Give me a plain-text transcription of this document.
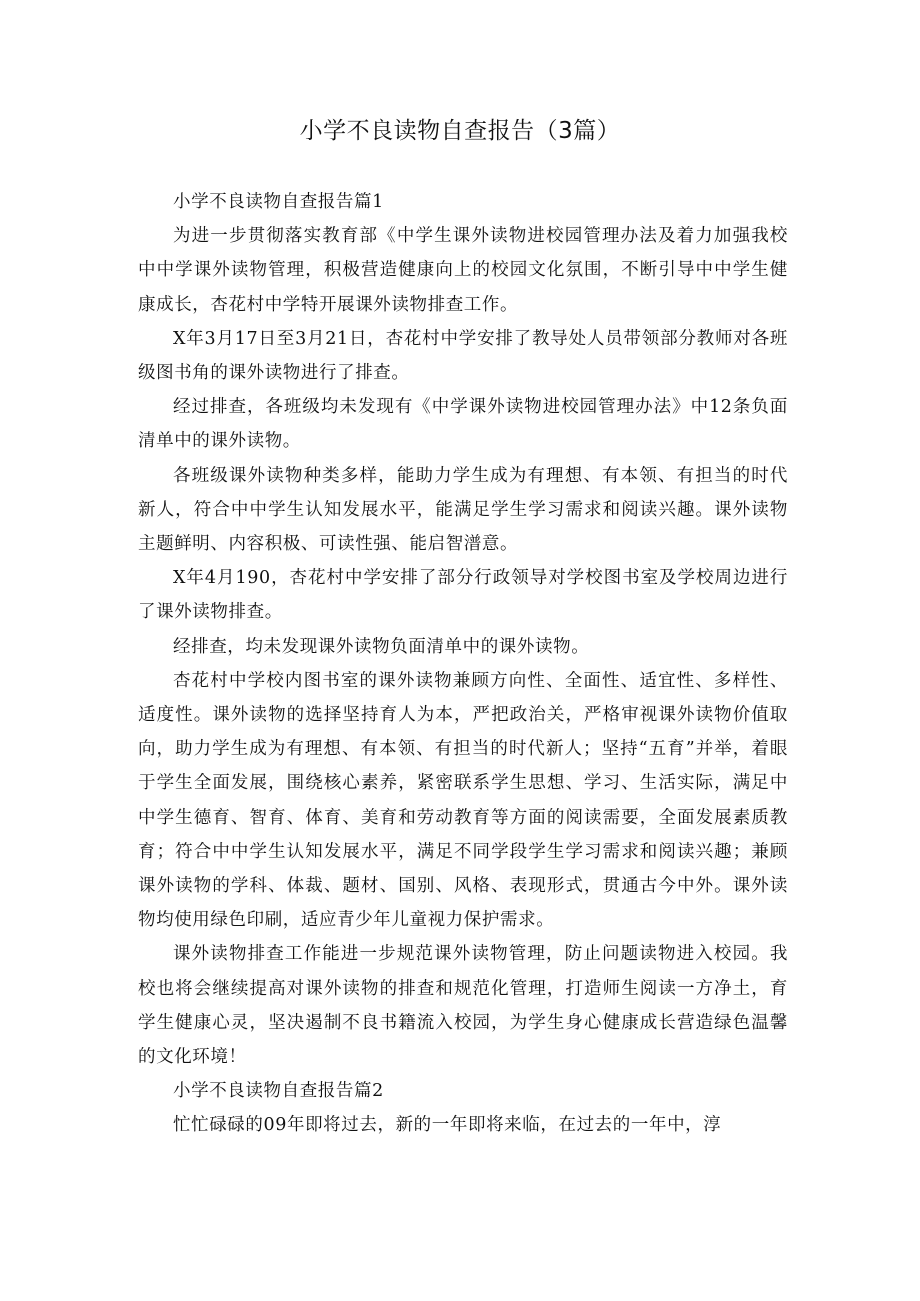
小学不良读物自查报告（3篇）

小学不良读物自查报告篇1

为进一步贯彻落实教育部《中学生课外读物进校园管理办法及着力加强我校中中学课外读物管理，积极营造健康向上的校园文化氛围，不断引导中中学生健康成长，杏花村中学特开展课外读物排查工作。

X年3月17日至3月21日，杏花村中学安排了教导处人员带领部分教师对各班级图书角的课外读物进行了排查。

经过排查，各班级均未发现有《中学课外读物进校园管理办法》中12条负面清单中的课外读物。

各班级课外读物种类多样，能助力学生成为有理想、有本领、有担当的时代新人，符合中中学生认知发展水平，能满足学生学习需求和阅读兴趣。课外读物主题鲜明、内容积极、可读性强、能启智潽意。

X年4月190，杏花村中学安排了部分行政领导对学校图书室及学校周边进行了课外读物排查。

经排查，均未发现课外读物负面清单中的课外读物。

杏花村中学校内图书室的课外读物兼顾方向性、全面性、适宜性、多样性、适度性。课外读物的选择坚持育人为本，严把政治关，严格审视课外读物价值取向，助力学生成为有理想、有本领、有担当的时代新人；坚持“五育”并举，着眼于学生全面发展，围绕核心素养，紧密联系学生思想、学习、生活实际，满足中中学生德育、智育、体育、美育和劳动教育等方面的阅读需要，全面发展素质教育；符合中中学生认知发展水平，满足不同学段学生学习需求和阅读兴趣；兼顾课外读物的学科、体裁、题材、国别、风格、表现形式，贯通古今中外。课外读物均使用绿色印刷，适应青少年儿童视力保护需求。

课外读物排查工作能进一步规范课外读物管理，防止问题读物进入校园。我校也将会继续提高对课外读物的排查和规范化管理，打造师生阅读一方净土，育学生健康心灵，坚决遏制不良书籍流入校园，为学生身心健康成长营造绿色温馨的文化环境！

小学不良读物自查报告篇2

忙忙碌碌的09年即将过去，新的一年即将来临，在过去的一年中，淳
